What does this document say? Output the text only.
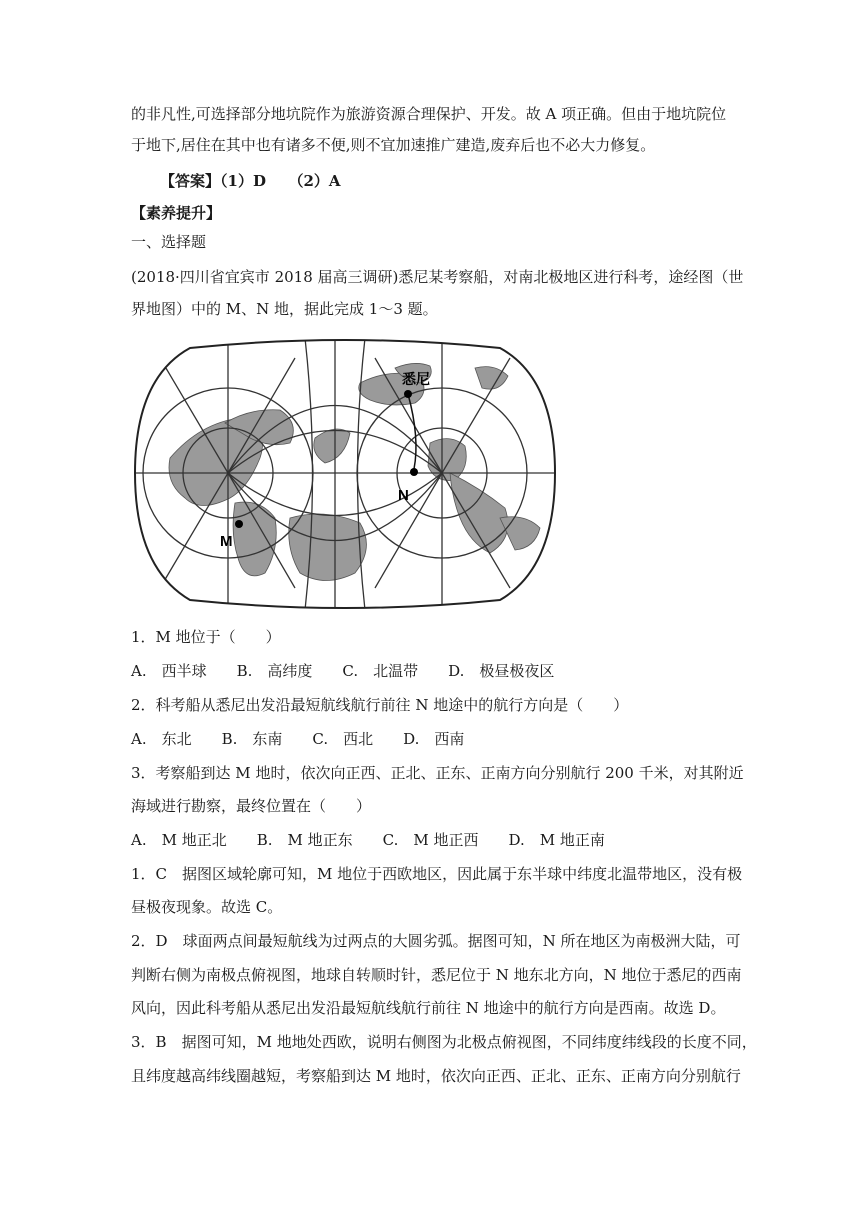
的非凡性,可选择部分地坑院作为旅游资源合理保护、开发。故 A 项正确。但由于地坑院位
于地下,居住在其中也有诸多不便,则不宜加速推广建造,废弃后也不必大力修复。
【答案】（1）D　　（2）A
【素养提升】
一、选择题
(2018·四川省宜宾市 2018 届高三调研)悉尼某考察船，对南北极地区进行科考，途经图（世
界地图）中的 M、N 地，据此完成 1～3 题。
悉尼
N
M
1．M 地位于（　　）
A.　西半球　　B.　高纬度　　C.　北温带　　D.　极昼极夜区
2．科考船从悉尼出发沿最短航线航行前往 N 地途中的航行方向是（　　）
A.　东北　　B.　东南　　C.　西北　　D.　西南
3．考察船到达 M 地时，依次向正西、正北、正东、正南方向分别航行 200 千米，对其附近
海域进行勘察，最终位置在（　　）
A.　M 地正北　　B.　M 地正东　　C.　M 地正西　　D.　M 地正南
1．C　据图区域轮廓可知，M 地位于西欧地区，因此属于东半球中纬度北温带地区，没有极
昼极夜现象。故选 C。
2．D　球面两点间最短航线为过两点的大圆劣弧。据图可知，N 所在地区为南极洲大陆，可
判断右侧为南极点俯视图，地球自转顺时针，悉尼位于 N 地东北方向，N 地位于悉尼的西南
风向，因此科考船从悉尼出发沿最短航线航行前往 N 地途中的航行方向是西南。故选 D。
3．B　据图可知，M 地地处西欧，说明右侧图为北极点俯视图，不同纬度纬线段的长度不同，
且纬度越高纬线圈越短，考察船到达 M 地时，依次向正西、正北、正东、正南方向分别航行
